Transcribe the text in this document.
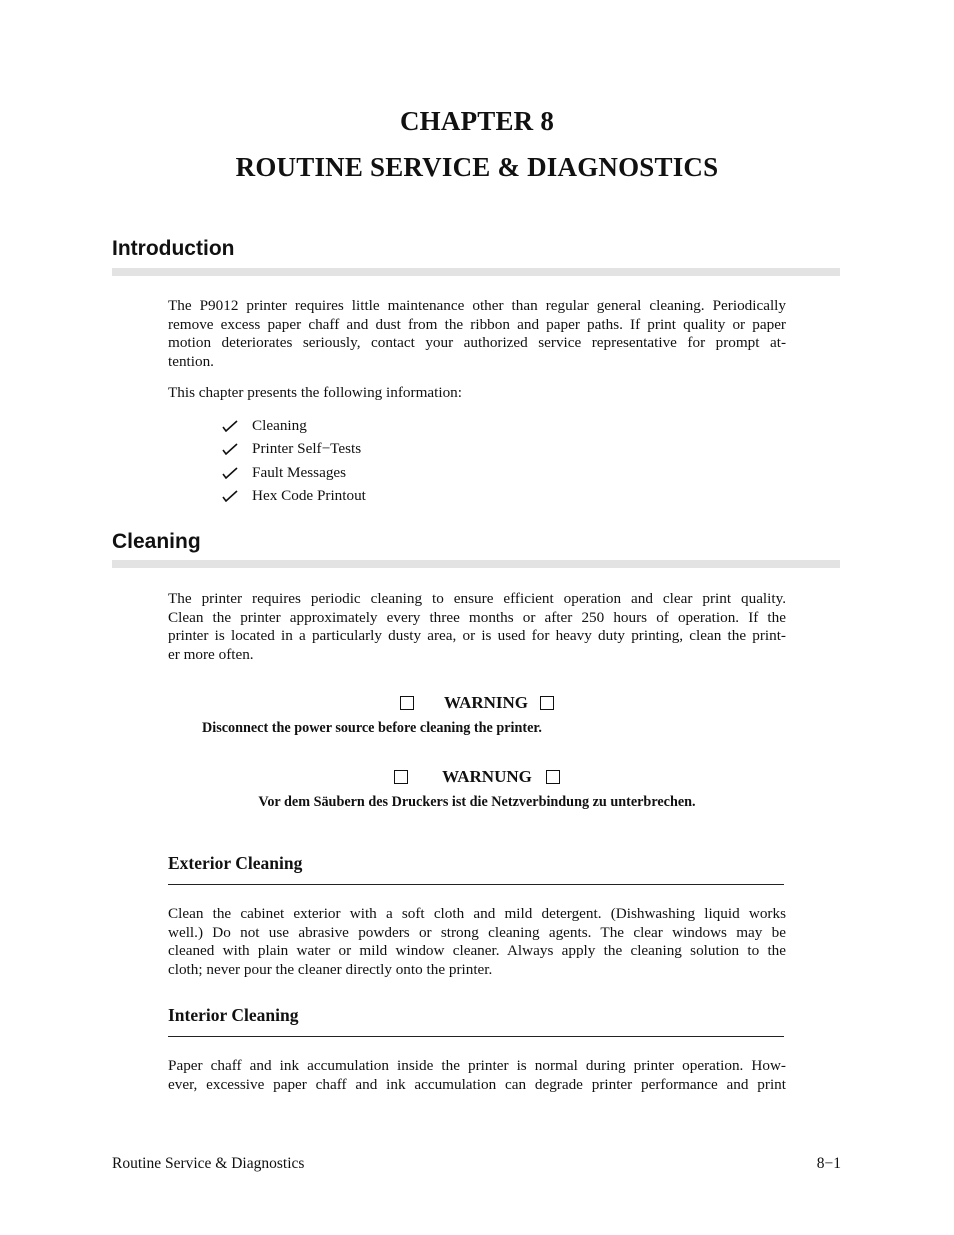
CHAPTER 8
ROUTINE SERVICE & DIAGNOSTICS
Introduction
The P9012 printer requires little maintenance other than regular general cleaning. Periodically
remove excess paper chaff and dust from the ribbon and paper paths. If print quality or paper
motion deteriorates seriously, contact your authorized service representative for prompt at-
tention.
This chapter presents the following information:
Cleaning
Printer Self−Tests
Fault Messages
Hex Code Printout
Cleaning
The printer requires periodic cleaning to ensure efficient operation and clear print quality.
Clean the printer approximately every three months or after 250 hours of operation. If the
printer is located in a particularly dusty area, or is used for heavy duty printing, clean the print-
er more often.
WARNING
Disconnect the power source before cleaning the printer.
WARNUNG
Vor dem Säubern des Druckers ist die Netzverbindung zu unterbrechen.
Exterior Cleaning
Clean the cabinet exterior with a soft cloth and mild detergent. (Dishwashing liquid works
well.) Do not use abrasive powders or strong cleaning agents. The clear windows may be
cleaned with plain water or mild window cleaner. Always apply the cleaning solution to the
cloth; never pour the cleaner directly onto the printer.
Interior Cleaning
Paper chaff and ink accumulation inside the printer is normal during printer operation. How-
ever, excessive paper chaff and ink accumulation can degrade printer performance and print
Routine Service & Diagnostics	8−1
